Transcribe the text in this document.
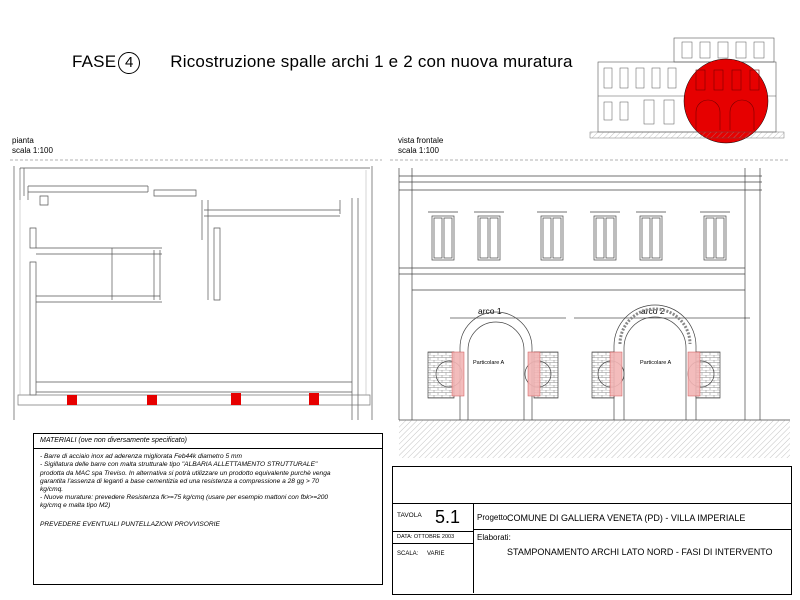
FASE 4 Ricostruzione spalle archi 1 e 2 con nuova muratura
pianta
scala 1:100
vista frontale
scala 1:100
arco 1	arco 2
Particolare A	Particolare A
MATERIALI (ove non diversamente specificato)

- Barre di acciaio inox ad aderenza migliorata Feb44k diametro 5 mm

- Sigillatura delle barre con malta strutturale tipo "ALBARIA ALLETTAMENTO STRUTTURALE"

prodotta da MAC spa Treviso. In alternativa si potrà utilizzare un prodotto equivalente purchè venga

garantita l'assenza di leganti a base cementizia ed una resistenza a compressione a 28 gg > 70

kg/cmq.

- Nuove murature: prevedere Resistenza fk>=75 kg/cmq (usare per esempio mattoni con fbk>=200

kg/cmq e malta tipo M2)

PREVEDERE EVENTUALI PUNTELLAZIONI PROVVISORIE

TAVOLA 5.1
DATA: OTTOBRE 2003
SCALA: VARIE
Progetto:
COMUNE DI GALLIERA VENETA (PD) - VILLA IMPERIALE
Elaborati:
STAMPONAMENTO ARCHI LATO NORD - FASI DI INTERVENTO
